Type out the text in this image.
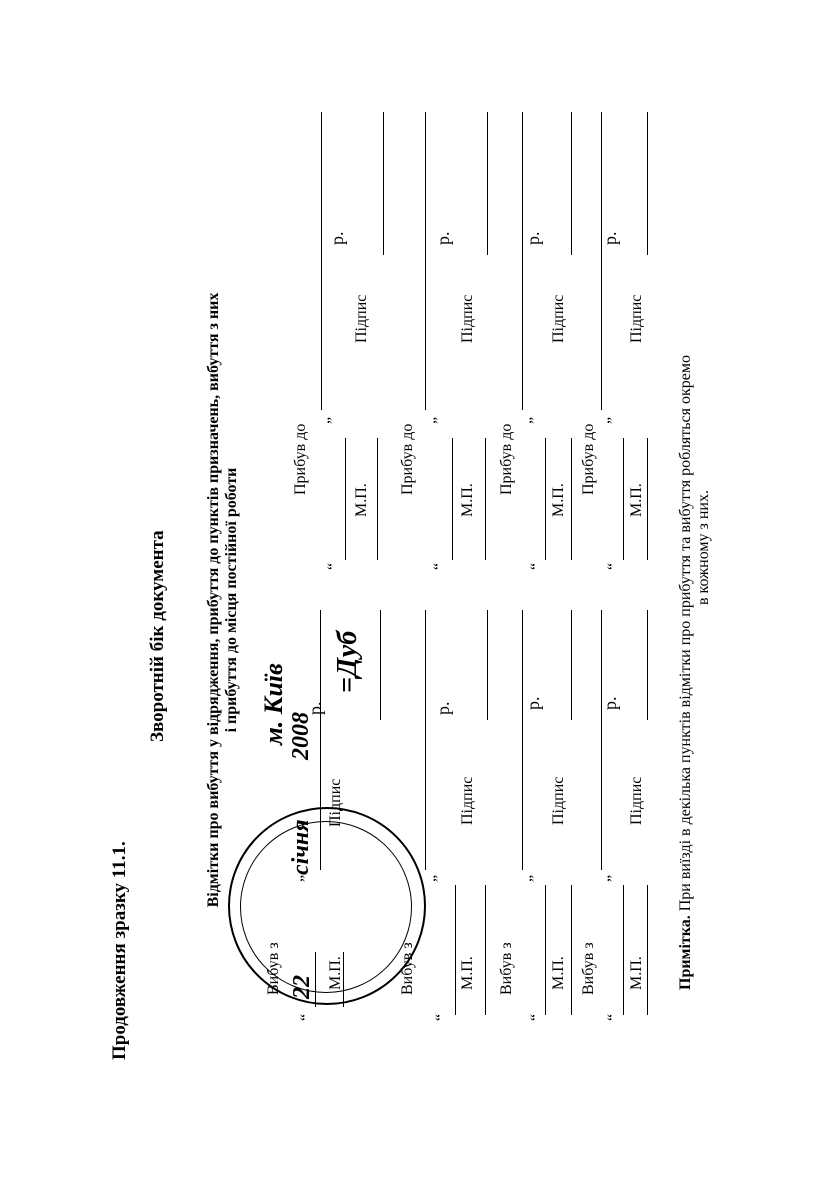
Продовження зразку 11.1.
Зворотній бік документа Відмітки про вибуття у відрядження, прибуття до пунктів призначень, вибуття з них і прибуття до місця постійної роботи
Вибув з
“
22
”
січня
2008
м. Київ р.
М.П.
Підпис
=Дуб
Прибув до
“
”
р.
М.П.
Підпис
Вибув з
“
”
р.
М.П.
Підпис
Прибув до
“
”
р.
М.П.
Підпис
Вибув з
“
”
р.
М.П.
Підпис
Прибув до
“
”
р.
М.П.
Підпис
Вибув з
“
”
р.
М.П.
Підпис
Прибув до
“
”
р.
М.П.
Підпис
Примітка. При виїзді в декілька пунктів відмітки про прибуття та вибуття робляться окремо в кожному з них.
